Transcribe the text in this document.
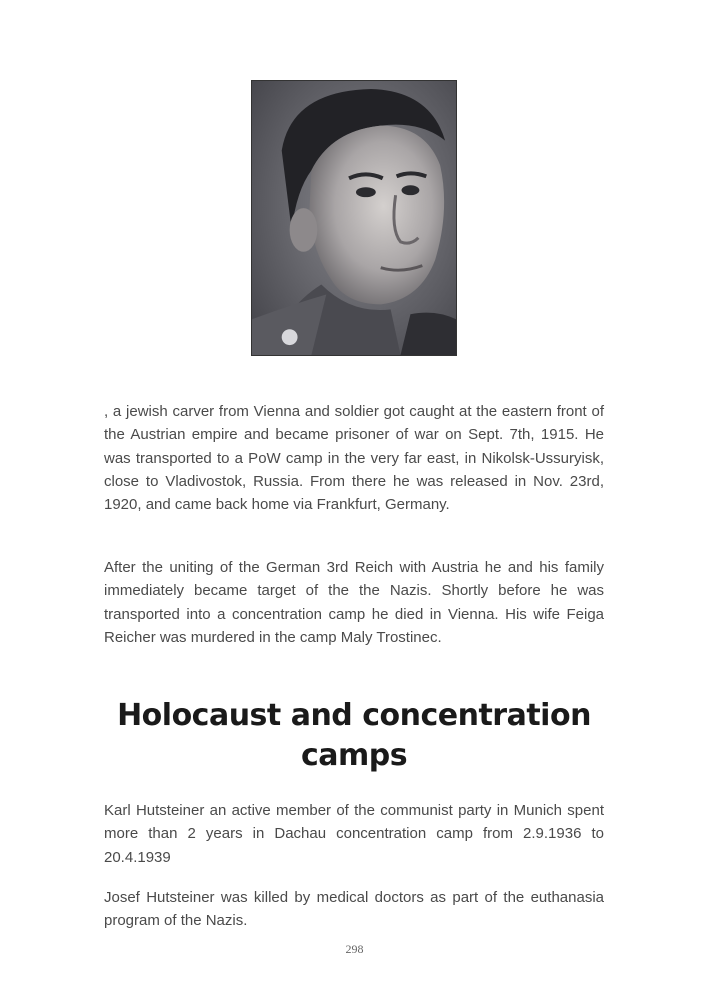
, a jewish carver from Vienna and soldier got caught at the eastern front of the Austrian empire and became prisoner of war on Sept. 7th, 1915. He was transported to a PoW camp in the very far east, in Nikolsk-Ussuryisk, close to Vladivostok, Russia. From there he was released in Nov. 23rd, 1920, and came back home via Frankfurt, Germany.

After the uniting of the German 3rd Reich with Austria he and his family immediately became target of the the Nazis. Shortly before he was transported into a concentration camp he died in Vienna. His wife Feiga Reicher was murdered in the camp Maly Trostinec.

Holocaust and concentration camps

Karl Hutsteiner an active member of the communist party in Munich spent more than 2 years in Dachau concentration camp from 2.9.1936 to 20.4.1939

Josef Hutsteiner was killed by medical doctors as part of the euthanasia program of the Nazis.

298
